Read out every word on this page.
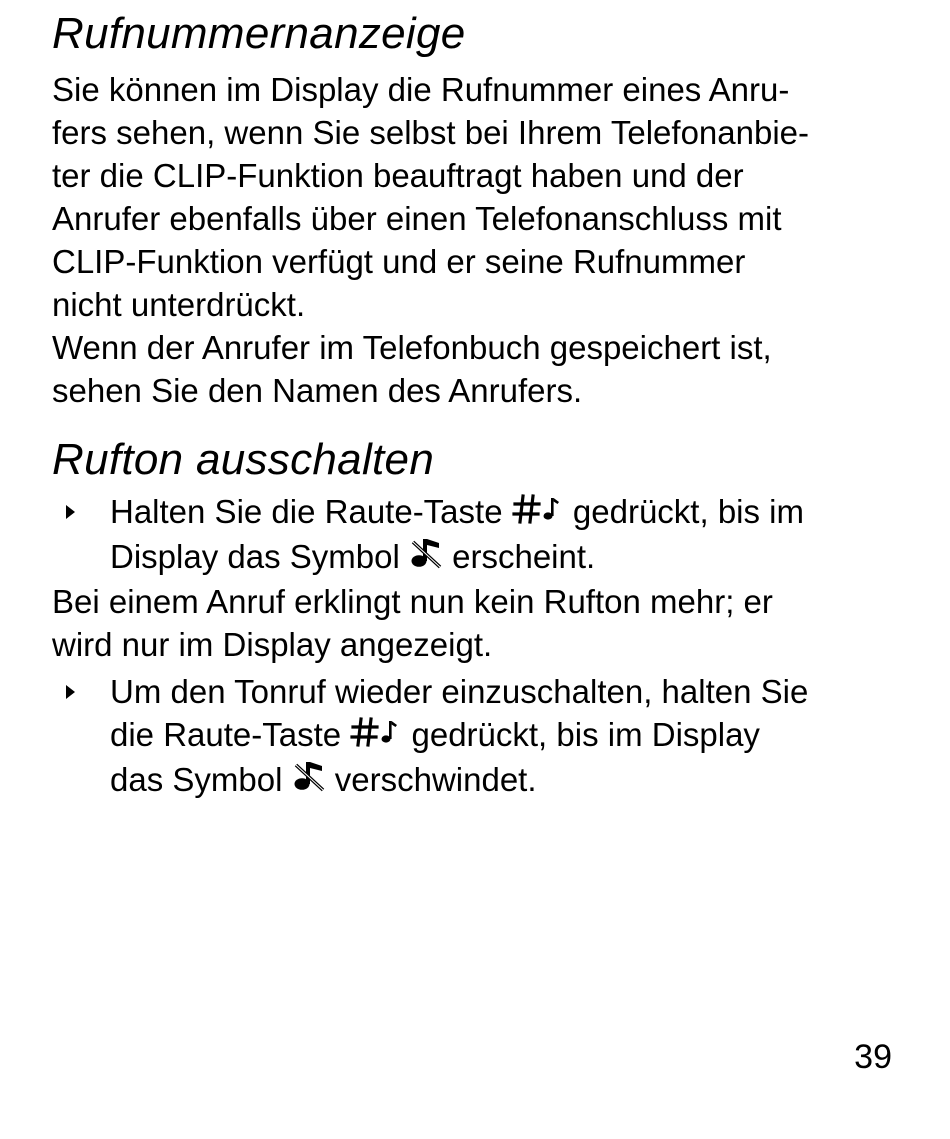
Rufnummernanzeige

Sie können im Display die Rufnummer eines Anru-
fers sehen, wenn Sie selbst bei Ihrem Telefonanbie-
ter die CLIP-Funktion beauftragt haben und der
Anrufer ebenfalls über einen Telefonanschluss mit
CLIP-Funktion verfügt und er seine Rufnummer
nicht unterdrückt.
Wenn der Anrufer im Telefonbuch gespeichert ist,
sehen Sie den Namen des Anrufers.

Rufton ausschalten
Halten Sie die Raute-Taste gedrückt, bis im
Display das Symbol erscheint.

Bei einem Anruf erklingt nun kein Rufton mehr; er
wird nur im Display angezeigt.

Um den Tonruf wieder einzuschalten, halten Sie
die Raute-Taste gedrückt, bis im Display
das Symbol verschwindet.
39
